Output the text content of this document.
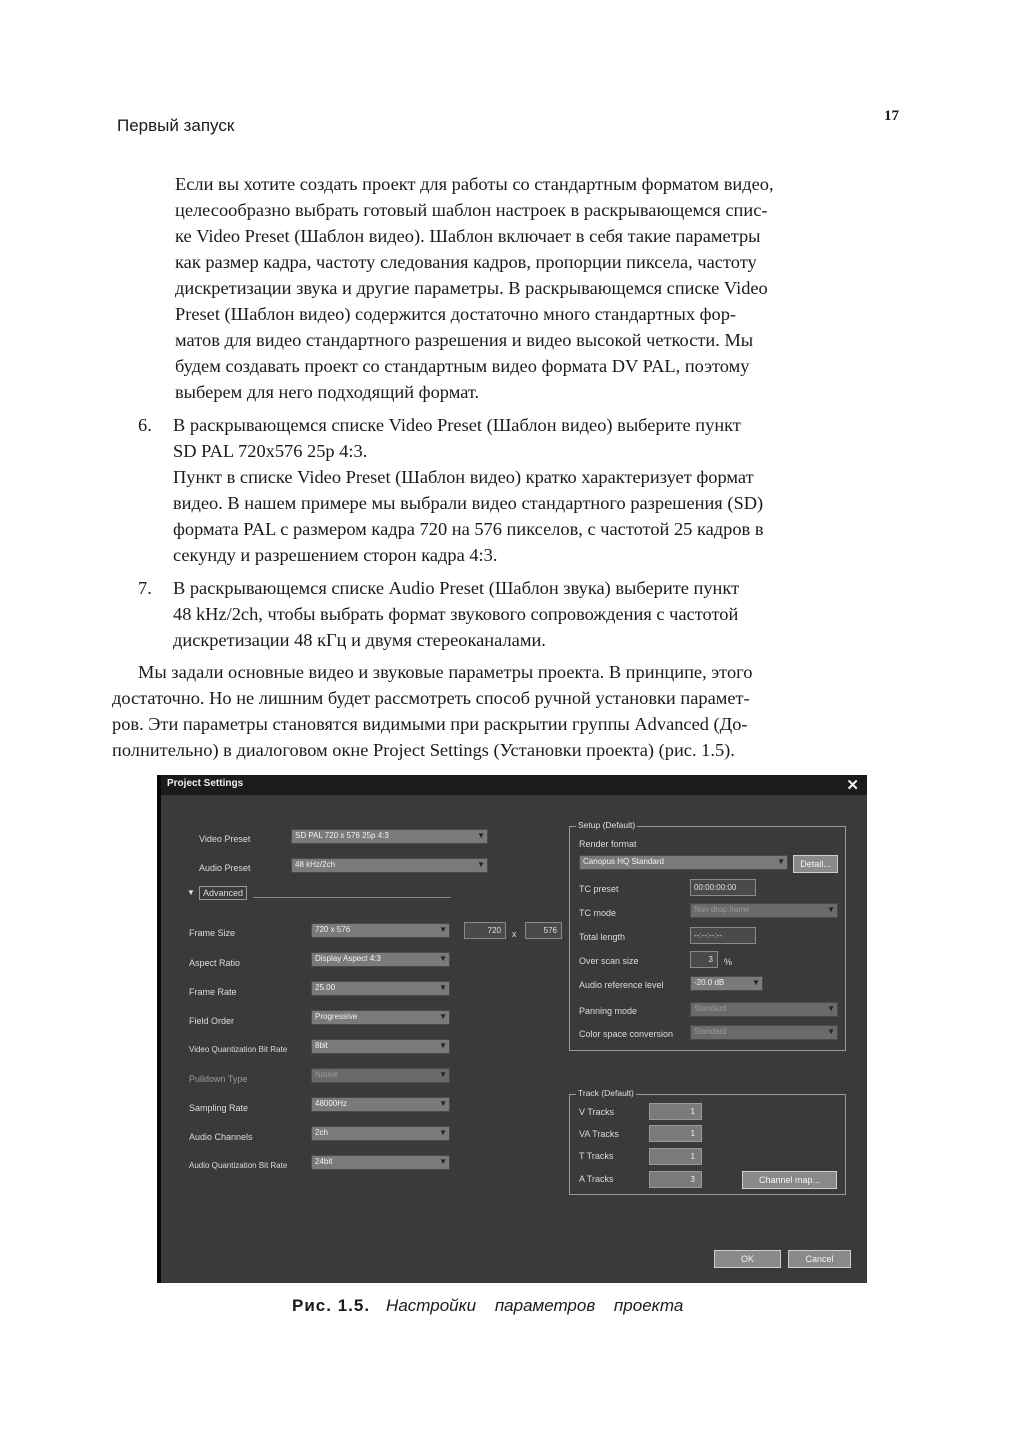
Первый запуск	17
Если вы хотите создать проект для работы со стандартным форматом видео,
целесообразно выбрать готовый шаблон настроек в раскрывающемся спис-
ке Video Preset (Шаблон видео). Шаблон включает в себя такие параметры
как размер кадра, частоту следования кадров, пропорции пиксела, частоту
дискретизации звука и другие параметры. В раскрывающемся списке Video
Preset (Шаблон видео) содержится достаточно много стандартных фор-
матов для видео стандартного разрешения и видео высокой четкости. Мы
будем создавать проект со стандартным видео формата DV PAL, поэтому
выберем для него подходящий формат.
6. В раскрывающемся списке Video Preset (Шаблон видео) выберите пункт
SD PAL 720x576 25p 4:3.
Пункт в списке Video Preset (Шаблон видео) кратко характеризует формат
видео. В нашем примере мы выбрали видео стандартного разрешения (SD)
формата PAL с размером кадра 720 на 576 пикселов, с частотой 25 кадров в
секунду и разрешением сторон кадра 4:3.
7. В раскрывающемся списке Audio Preset (Шаблон звука) выберите пункт
48 kHz/2ch, чтобы выбрать формат звукового сопровождения с частотой
дискретизации 48 кГц и двумя стереоканалами.
Мы задали основные видео и звуковые параметры проекта. В принципе, этого
достаточно. Но не лишним будет рассмотреть способ ручной установки парамет-
ров. Эти параметры становятся видимыми при раскрытии группы Advanced (До-
полнительно) в диалоговом окне Project Settings (Установки проекта) (рис. 1.5).
Project Settings	✕
Video Preset	SD PAL 720 x 576 25p 4:3	▼
Audio Preset	48 kHz/2ch	▼
▼ Advanced
Frame Size	720 x 576	▼	720	x	576
Aspect Ratio	Display Aspect 4:3	▼
Frame Rate	25.00	▼
Field Order	Progressive	▼
Video Quantization Bit Rate	8bit	▼
Pulldown Type	Native	▼
Sampling Rate	48000Hz	▼
Audio Channels	2ch	▼
Audio Quantization Bit Rate	24bit	▼
Setup (Default)
Render format
Canopus HQ Standard	▼	Detail...
TC preset	00:00:00:00
TC mode	Non drop frame	▼
Total length	--:--:--:--
Over scan size	3	%
Audio reference level	-20.0 dB	▼
Panning mode	Standard	▼
Color space conversion	Standard	▼
Track (Default)
V Tracks	1
VA Tracks	1
T Tracks	1
A Tracks	3	Channel map...
OK	Cancel
Рис. 1.5. Настройки параметров проекта
